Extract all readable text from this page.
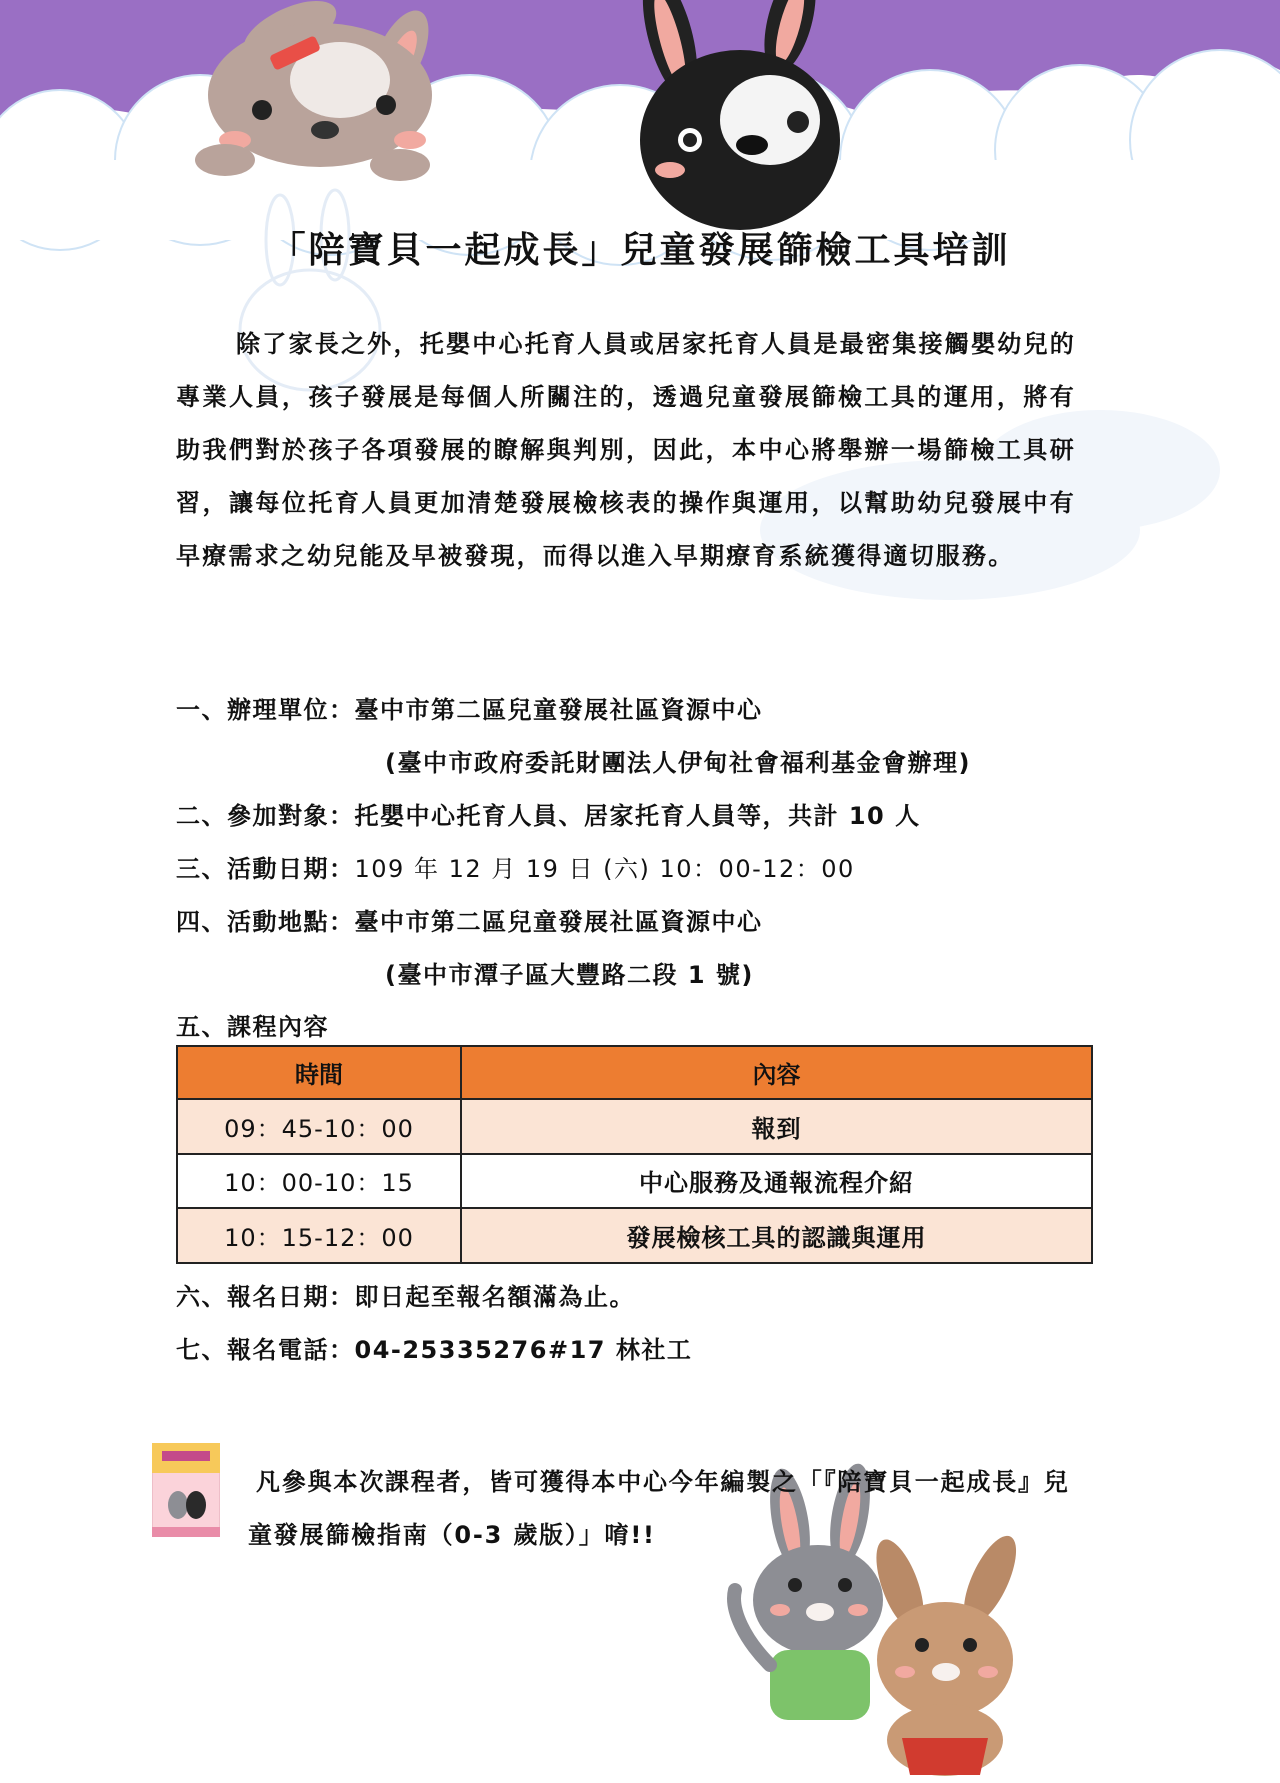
「陪寶貝一起成長」兒童發展篩檢工具培訓
除了家長之外，托嬰中心托育人員或居家托育人員是最密集接觸嬰幼兒的專業人員，孩子發展是每個人所關注的，透過兒童發展篩檢工具的運用，將有助我們對於孩子各項發展的瞭解與判別，因此，本中心將舉辦一場篩檢工具研習，讓每位托育人員更加清楚發展檢核表的操作與運用，以幫助幼兒發展中有早療需求之幼兒能及早被發現，而得以進入早期療育系統獲得適切服務。
一、辦理單位：臺中市第二區兒童發展社區資源中心
(臺中市政府委託財團法人伊甸社會福利基金會辦理)
二、參加對象：托嬰中心托育人員、居家托育人員等，共計 10 人
三、活動日期：109 年 12 月 19 日 (六) 10：00-12：00
四、活動地點：臺中市第二區兒童發展社區資源中心
(臺中市潭子區大豐路二段 1 號)
五、課程內容
時間	內容
09：45-10：00	報到
10：00-10：15	中心服務及通報流程介紹
10：15-12：00	發展檢核工具的認識與運用
六、報名日期：即日起至報名額滿為止。
七、報名電話：04-25335276#17 林社工
凡參與本次課程者，皆可獲得本中心今年編製之「『陪寶貝一起成長』兒童發展篩檢指南（0-3 歲版）」唷!!
